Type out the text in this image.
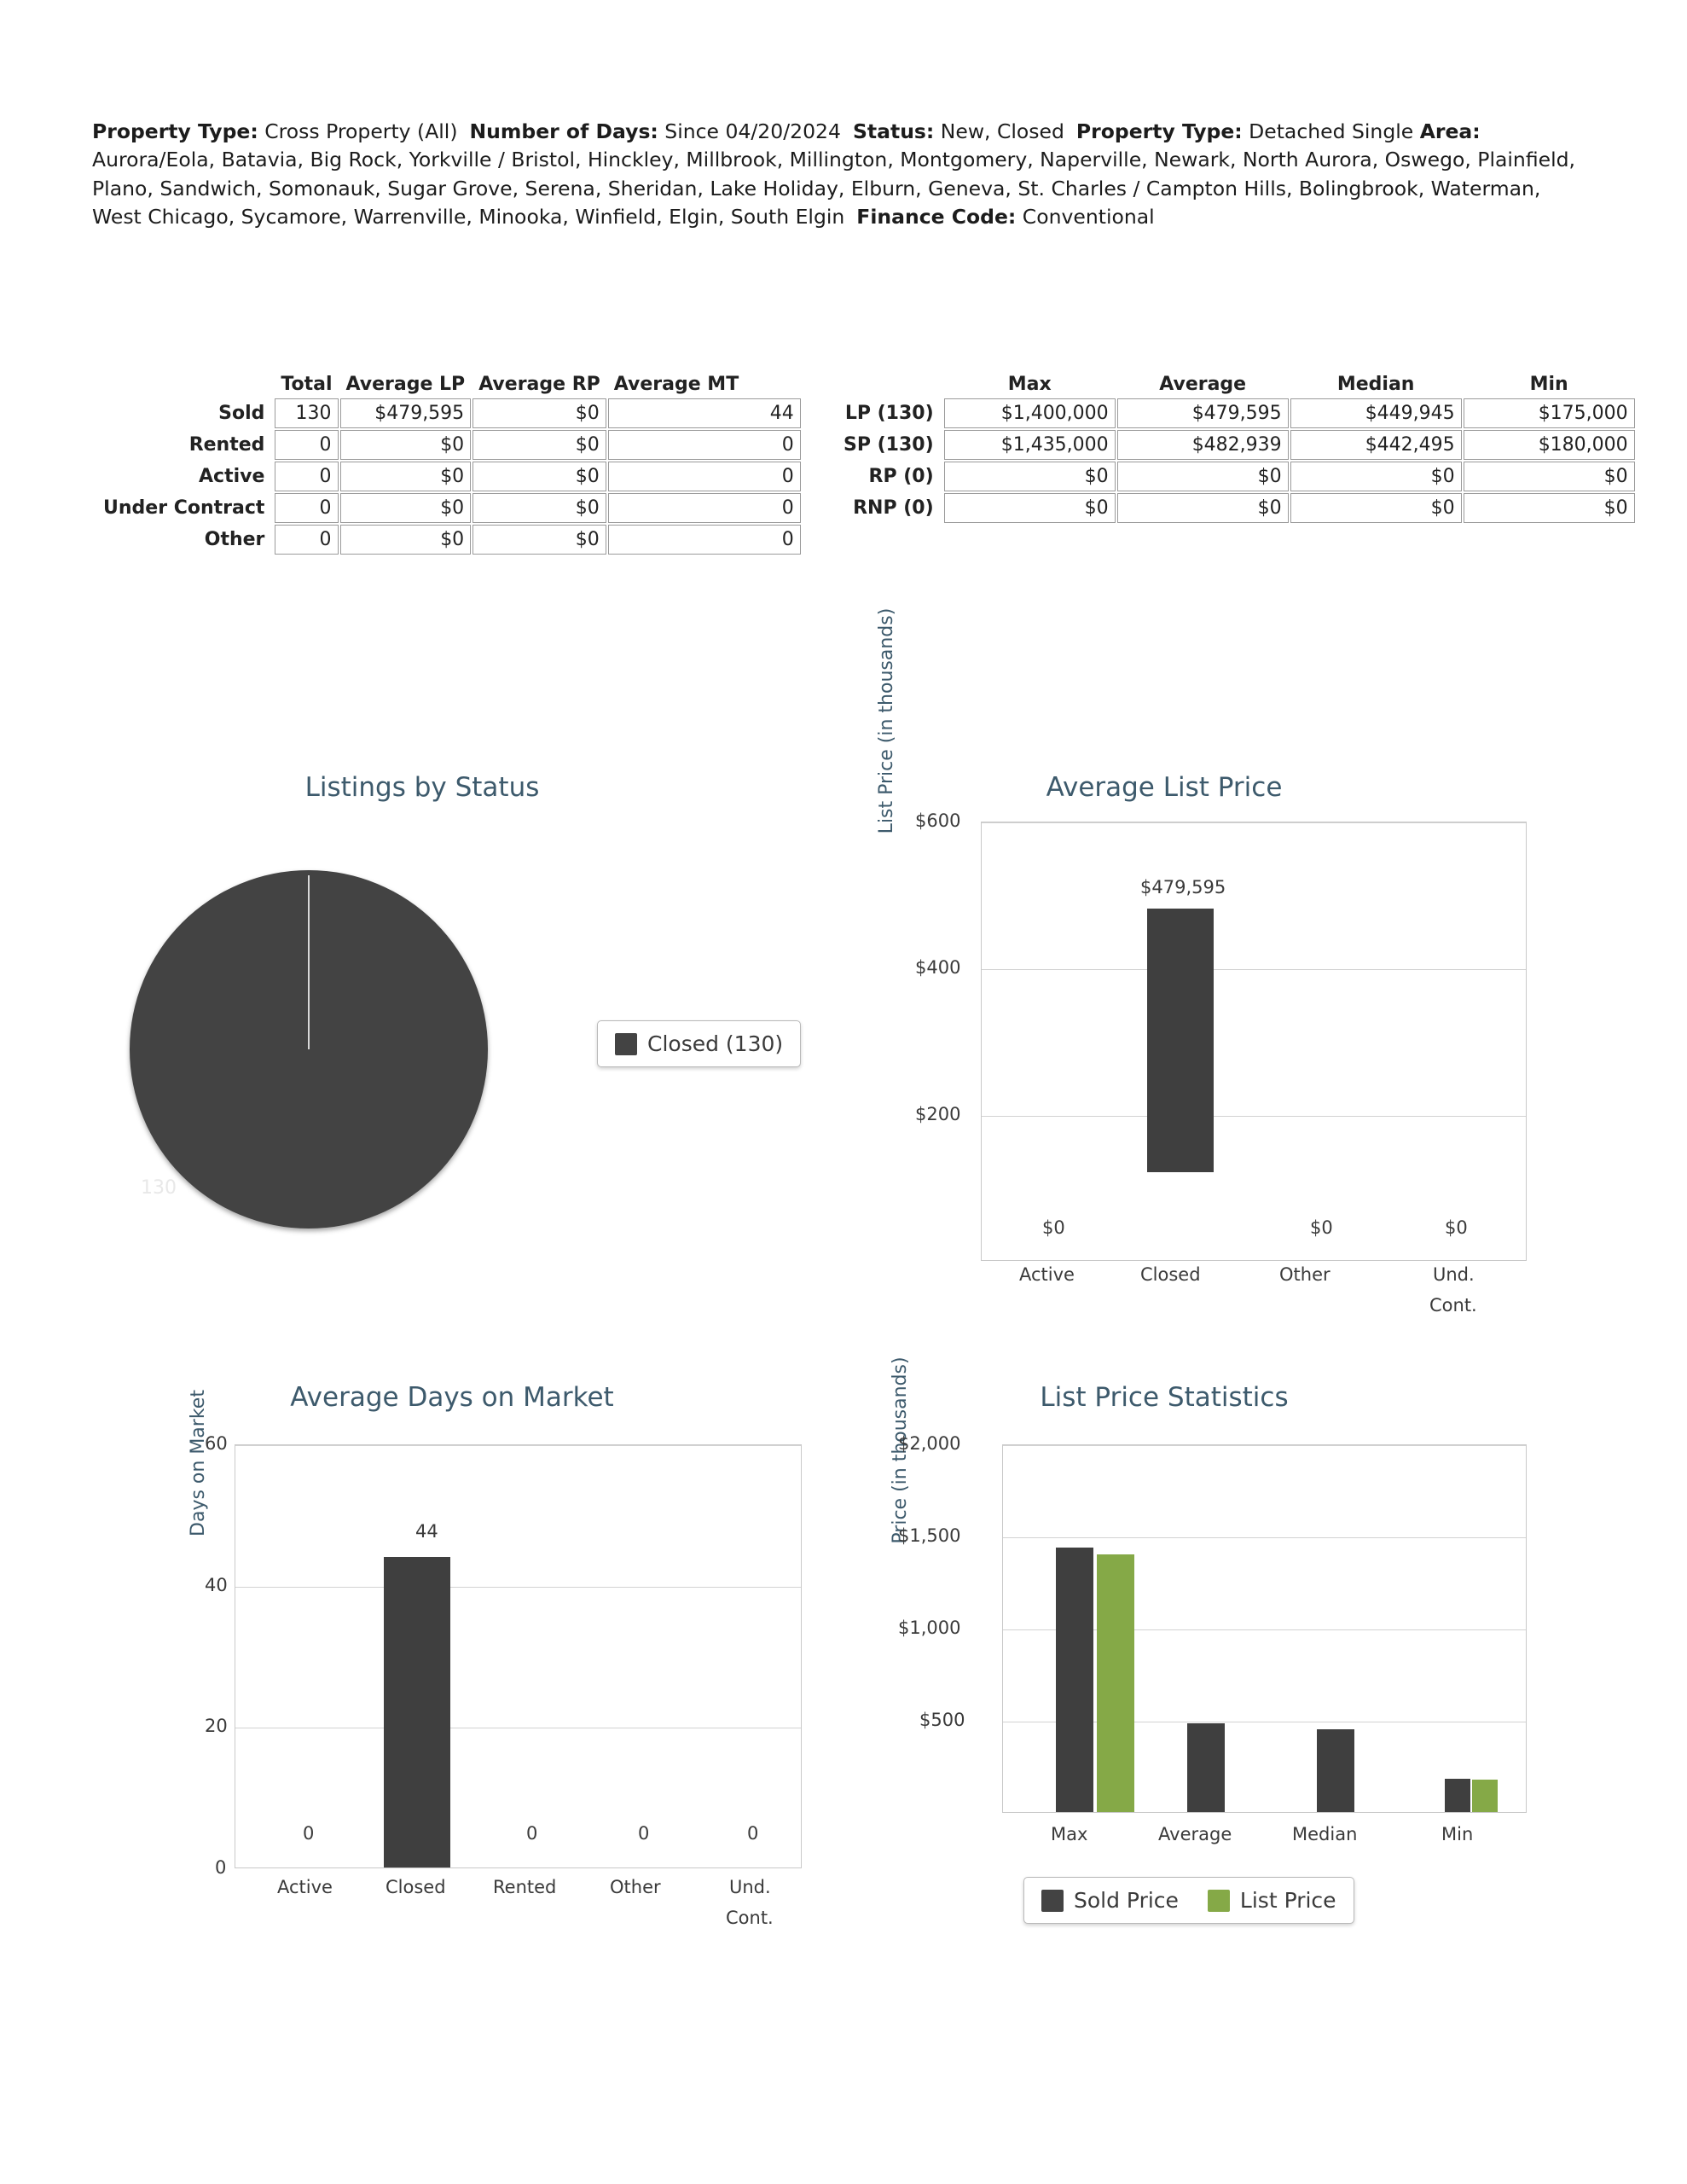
Property Type: Cross Property (All) Number of Days: Since 04/20/2024 Status: New, Closed Property Type: Detached Single Area: Aurora/Eola, Batavia, Big Rock, Yorkville / Bristol, Hinckley, Millbrook, Millington, Montgomery, Naperville, Newark, North Aurora, Oswego, Plainfield, Plano, Sandwich, Somonauk, Sugar Grove, Serena, Sheridan, Lake Holiday, Elburn, Geneva, St. Charles / Campton Hills, Bolingbrook, Waterman, West Chicago, Sycamore, Warrenville, Minooka, Winfield, Elgin, South Elgin Finance Code: Conventional
	Total	Average LP	Average RP	Average MT
Sold	130	$479,595	$0	44
Rented	0	$0	$0	0
Active	0	$0	$0	0
Under Contract	0	$0	$0	0
Other	0	$0	$0	0
	Max	Average	Median	Min
LP (130)	$1,400,000	$479,595	$449,945	$175,000
SP (130)	$1,435,000	$482,939	$442,495	$180,000
RP (0)	$0	$0	$0	$0
RNP (0)	$0	$0	$0	$0
Listings by Status
130
Closed (130)
Average List Price
List Price (in thousands) $600
$400
$200
$0
$479,595
$0	$0
Active	Closed	Other	Und.
Cont.
Average Days on Market
Days on Market
60
40
20
0
0
44
0	0	0
Active	Closed	Rented	Other	Und.
Cont.
List Price Statistics
Price (in thousands)
$2,000
$1,500
$1,000
$500
Max	Average	Median	Min
Sold Price	List Price
